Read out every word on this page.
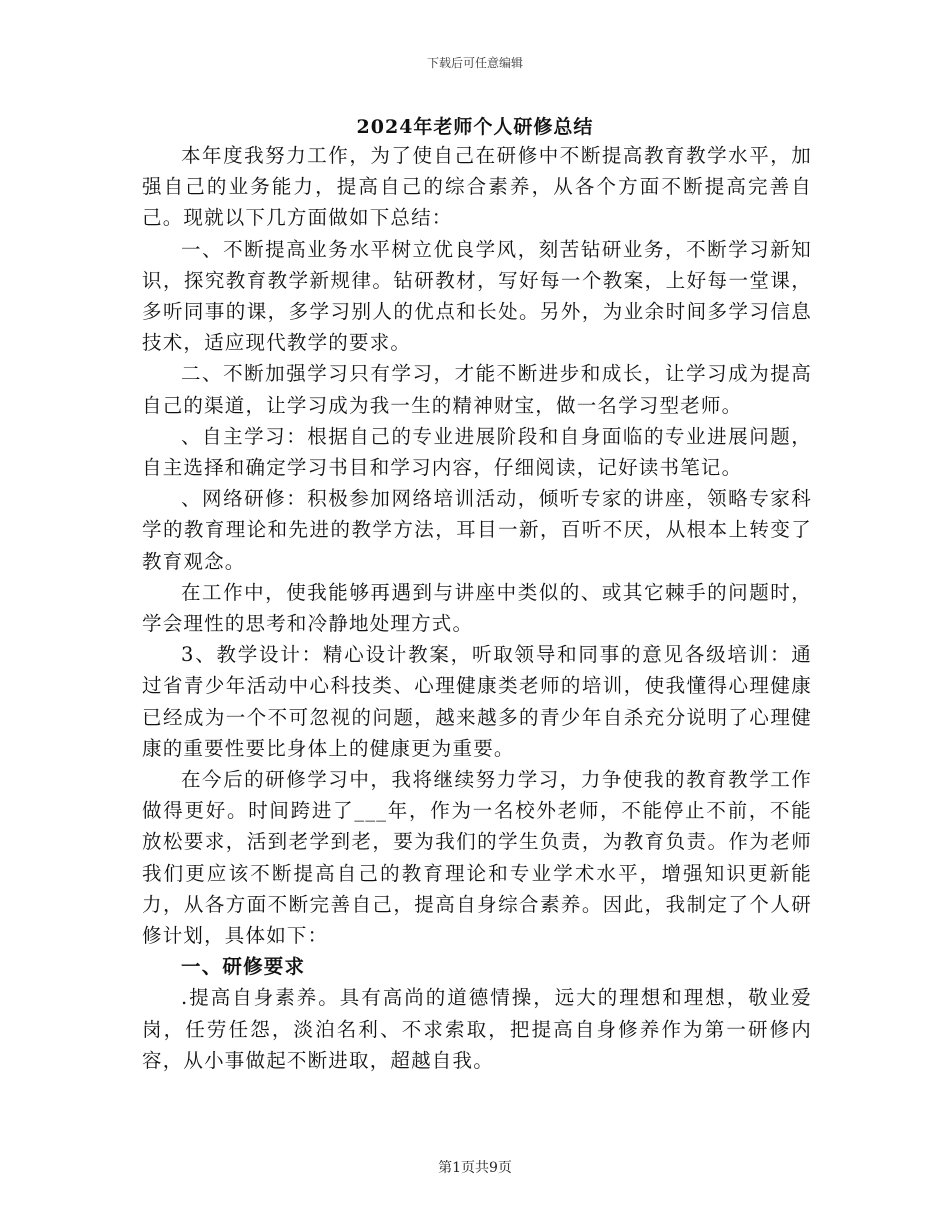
下载后可任意编辑
2024年老师个人研修总结

本年度我努力工作，为了使自己在研修中不断提高教育教学水平，加强自己的业务能力，提高自己的综合素养，从各个方面不断提高完善自己。现就以下几方面做如下总结：

一、不断提高业务水平树立优良学风，刻苦钻研业务，不断学习新知识，探究教育教学新规律。钻研教材，写好每一个教案，上好每一堂课，多听同事的课，多学习别人的优点和长处。另外，为业余时间多学习信息技术，适应现代教学的要求。

二、不断加强学习只有学习，才能不断进步和成长，让学习成为提高自己的渠道，让学习成为我一生的精神财宝，做一名学习型老师。

、自主学习：根据自己的专业进展阶段和自身面临的专业进展问题，自主选择和确定学习书目和学习内容，仔细阅读，记好读书笔记。

、网络研修：积极参加网络培训活动，倾听专家的讲座，领略专家科学的教育理论和先进的教学方法，耳目一新，百听不厌，从根本上转变了教育观念。

在工作中，使我能够再遇到与讲座中类似的、或其它棘手的问题时，学会理性的思考和冷静地处理方式。

3、教学设计：精心设计教案，听取领导和同事的意见各级培训：通过省青少年活动中心科技类、心理健康类老师的培训，使我懂得心理健康已经成为一个不可忽视的问题，越来越多的青少年自杀充分说明了心理健康的重要性要比身体上的健康更为重要。

在今后的研修学习中，我将继续努力学习，力争使我的教育教学工作做得更好。时间跨进了___年，作为一名校外老师，不能停止不前，不能放松要求，活到老学到老，要为我们的学生负责，为教育负责。作为老师我们更应该不断提高自己的教育理论和专业学术水平，增强知识更新能力，从各方面不断完善自己，提高自身综合素养。因此，我制定了个人研修计划，具体如下：

一、研修要求

.提高自身素养。具有高尚的道德情操，远大的理想和理想，敬业爱岗，任劳任怨，淡泊名利、不求索取，把提高自身修养作为第一研修内容，从小事做起不断进取，超越自我。

第1页共9页
